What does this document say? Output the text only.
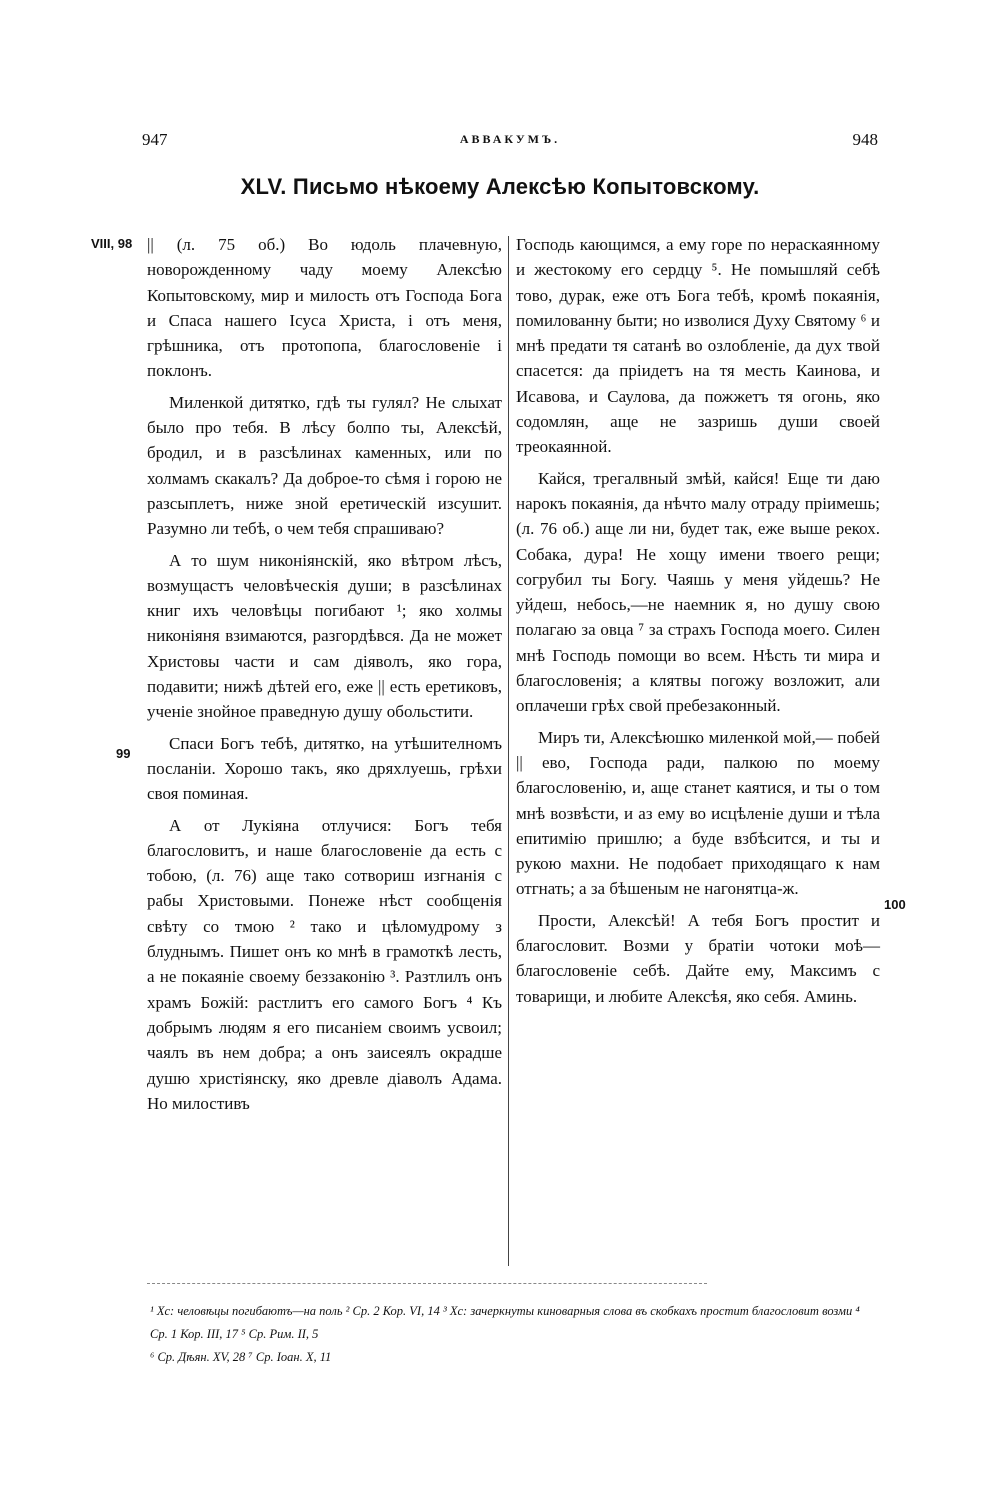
947	АВВАКУМЪ.	948
XLV. Письмо нѣкоему Алексѣю Копытовскому.
VIII, 98
99
100

|| (л. 75 об.) Во юдоль плачевную, новорожденному чаду моему Алексѣю Копытовскому, мир и милость отъ Господа Бога и Спаса нашего Ісуса Христа, і отъ меня, грѣшника, отъ протопопа, благословеніе і поклонъ.

Миленкой дитятко, гдѣ ты гулял? Не слыхат было про тебя. В лѣсу болпо ты, Алексѣй, бродил, и в разсѣлинах каменных, или по холмамъ скакалъ? Да доброе-то сѣмя і горою не разсыплетъ, ниже зной еретическій изсушит. Разумно ли тебѣ, о чем тебя спрашиваю?

А то шум никоніянскій, яко вѣтром лѣсъ, возмущастъ человѣческія души; в разсѣлинах книг ихъ человѣцы погибают ¹; яко холмы никоніяня взимаются, разгордѣвся. Да не может Христовы части и сам діяволъ, яко гора, подавити; нижѣ дѣтей его, еже || есть еретиковъ, ученіе знойное праведную душу обольстити.

Спаси Богъ тебѣ, дитятко, на утѣшителномъ посланіи. Хорошо такъ, яко дряхлуешь, грѣхи своя поминая.

А от Лукіяна отлучися: Богъ тебя благословитъ, и наше благословеніе да есть с тобою, (л. 76) аще тако сотвориш изгнанія с рабы Христовыми. Понеже нѣст сообщенія свѣту со тмою ² тако и цѣломудрому з блуднымъ. Пишет онъ ко мнѣ в грамоткѣ лесть, а не покаяніе своему беззаконію ³. Разтлилъ онъ храмъ Божій: растлитъ его самого Богъ ⁴ Къ добрымъ людям я его писаніем своимъ усвоил; чаялъ въ нем добра; а онъ заисеялъ окрадше душю христіянску, яко древле діаволъ Адама. Но милостивъ

Господь кающимся, а ему горе по нераскаянному и жестокому его сердцу ⁵. Не помышляй себѣ тово, дурак, еже отъ Бога тебѣ, кромѣ покаянія, помилованну быти; но изволися Духу Святому ⁶ и мнѣ предати тя сатанѣ во озлобленіе, да дух твой спасется: да пріидетъ на тя месть Каинова, и Исавова, и Саулова, да пожжетъ тя огонь, яко содомлян, аще не зазришь души своей треокаянной.

Кайся, трегалвный змѣй, кайся! Еще ти даю нарокъ покаянія, да нѣчто малу отраду пріимешь; (л. 76 об.) аще ли ни, будет так, еже выше рекох. Собака, дура! Не хощу имени твоего рещи; согрубил ты Богу. Чаяшь у меня уйдешь? Не уйдеш, небось,—не наемник я, но душу свою полагаю за овца ⁷ за страхъ Господа моего. Силен мнѣ Господь помощи во всем. Нѣсть ти мира и благословенія; а клятвы погожу возложит, али оплачеши грѣх свой пребезаконный.

Миръ ти, Алексѣюшко миленкой мой,— побей || ево, Господа ради, палкою по моему благословенію, и, аще станет каятися, и ты о том мнѣ возвѣсти, и аз ему во исцѣленіе души и тѣла епитимію пришлю; а буде взбѣсится, и ты и рукою махни. Не подобает приходящаго к нам отгнать; а за бѣшеным не нагонятца-ж.

Прости, Алексѣй! А тебя Богъ простит и благословит. Возми у братіи чотоки моѣ—благословеніе себѣ. Дайте ему, Максимъ с товарищи, и любите Алексѣя, яко себя. Аминь.

¹ Хс: человѣцы погибаютъ—на поль ² Ср. 2 Кор. VI, 14 ³ Хс: зачеркнуты киноварныя слова въ скобкахъ простит благословит возми ⁴ Ср. 1 Кор. III, 17 ⁵ Ср. Рим. II, 5

⁶ Ср. Дѣян. XV, 28 ⁷ Ср. Іоан. X, 11
